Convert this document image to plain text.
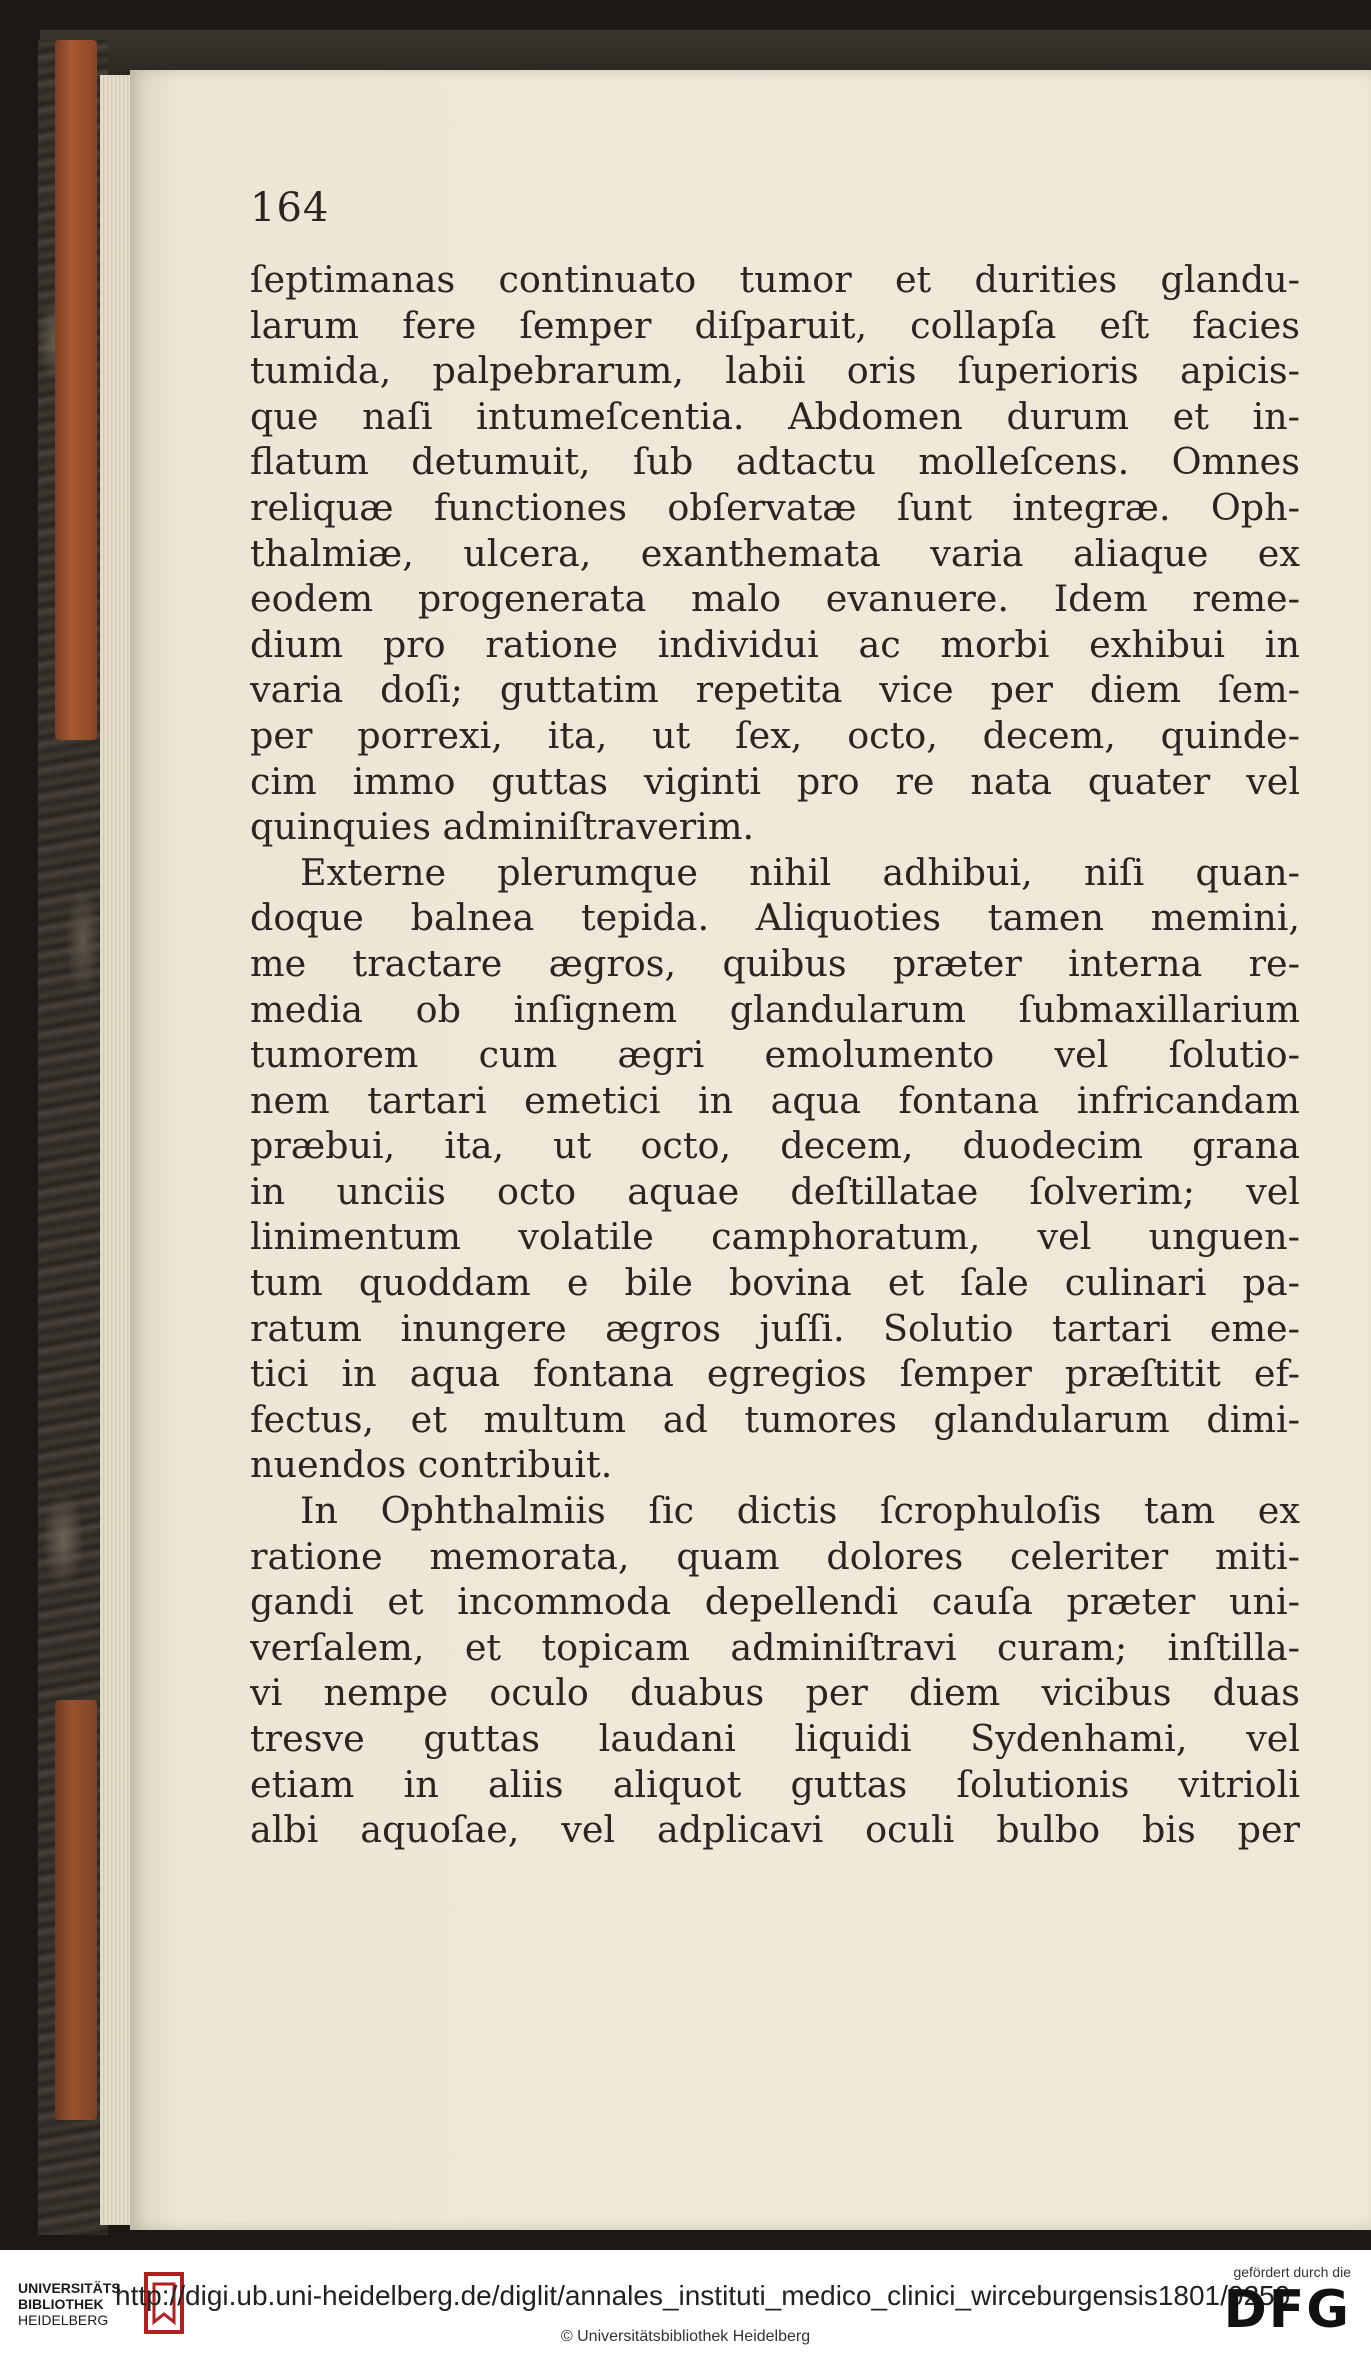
164
ſeptimanas continuato tumor et durities glandu-
larum fere ſemper diſparuit, collapſa eſt facies
tumida, palpebrarum, labii oris ſuperioris apicis-
que naſi intumeſcentia. Abdomen durum et in-
flatum detumuit, ſub adtactu molleſcens. Omnes
reliquæ functiones obſervatæ ſunt integræ. Oph-
thalmiæ, ulcera, exanthemata varia aliaque ex
eodem progenerata malo evanuere. Idem reme-
dium pro ratione individui ac morbi exhibui in
varia doſi; guttatim repetita vice per diem ſem-
per porrexi, ita, ut ſex, octo, decem, quinde-
cim immo guttas viginti pro re nata quater vel
quinquies adminiſtraverim.
Externe plerumque nihil adhibui, niſi quan-
doque balnea tepida. Aliquoties tamen memini,
me tractare ægros, quibus præter interna re-
media ob inſignem glandularum ſubmaxillarium
tumorem cum ægri emolumento vel ſolutio-
nem tartari emetici in aqua fontana infricandam
præbui, ita, ut octo, decem, duodecim grana
in unciis octo aquae deſtillatae ſolverim; vel
linimentum volatile camphoratum, vel unguen-
tum quoddam e bile bovina et ſale culinari pa-
ratum inungere ægros juſſi. Solutio tartari eme-
tici in aqua fontana egregios ſemper præſtitit ef-
fectus, et multum ad tumores glandularum dimi-
nuendos contribuit.
In Ophthalmiis ſic dictis ſcrophuloſis tam ex
ratione memorata, quam dolores celeriter miti-
gandi et incommoda depellendi cauſa præter uni-
verſalem, et topicam adminiſtravi curam; inſtilla-
vi nempe oculo duabus per diem vicibus duas
tresve guttas laudani liquidi Sydenhami, vel
etiam in aliis aliquot guttas ſolutionis vitrioli
albi aquoſae, vel adplicavi oculi bulbo bis per
UNIVERSITÄTS
BIBLIOTHEK
HEIDELBERG
http://digi.ub.uni-heidelberg.de/diglit/annales_instituti_medico_clinici_wirceburgensis1801/0250
© Universitätsbibliothek Heidelberg
gefördert durch die
DFG
